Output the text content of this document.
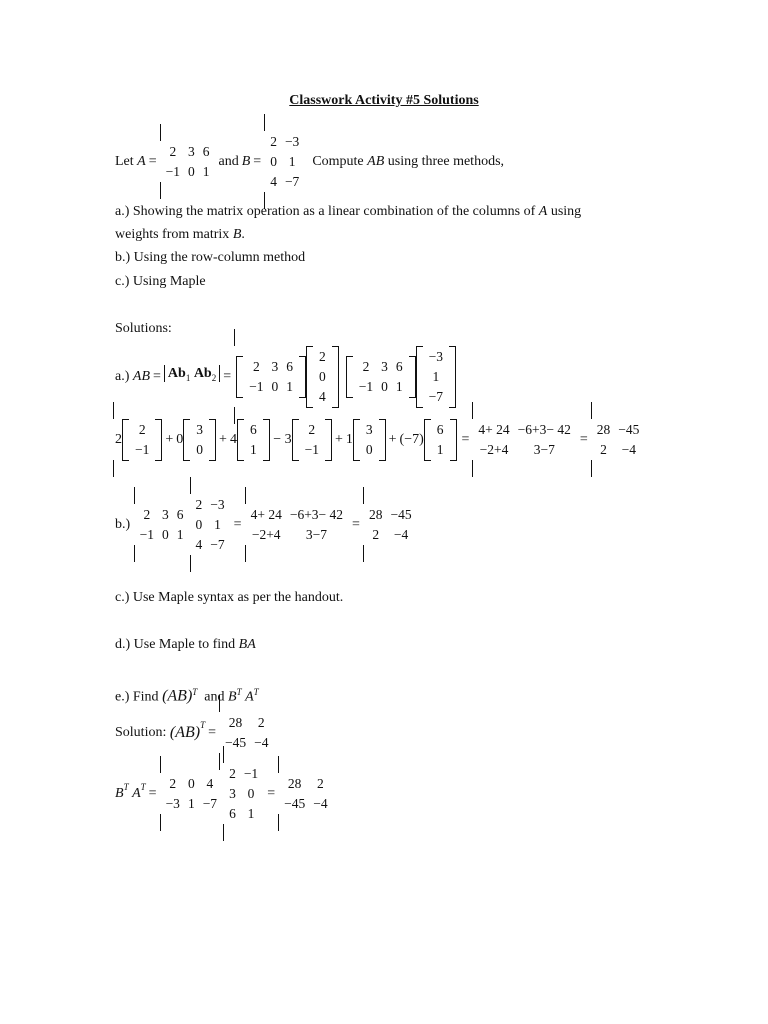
Classwork Activity #5 Solutions
Let
A =
2	3	6
−1	0	1
and B =
2	−3
0	1
4	−7

Compute
AB
using three methods,
a.) Showing the matrix operation as a linear combination of the columns of A using
weights from matrix B.
b.) Using the row-column method
c.) Using Maple
Solutions:
a.)
AB = $Ab_1$ $Ab_2$ =
2	3	6
−1	0	1
2
0
4

2	3	6
−1	0	1
−3
1
−7
2
2
−1
+ 0
3
0
+ 4
6
1

− 3
2
−1
+ 1
3
0
+ (−7)
6
1
=
4+ 24	−6+3− 42
−2+4	3−7
=
28	−45
2	−4
b.)

2	3	6
−1	0	1
2	−3
0	1
4	−7
=
4+ 24	−6+3− 42
−2+4	3−7
=
28	−45
2	−4
c.) Use Maple syntax as per the handout.
d.) Use Maple to find BA
e.) Find (AB)$^T$ and $B^T$ $A^T$
Solution:
(AB)$^T$ =
28	2
−45	−4
$B^T$
$A^T$ =
2	0	4
−3	1	−7
2	−1
3	0
6	1
=
28	2
−45	−4
